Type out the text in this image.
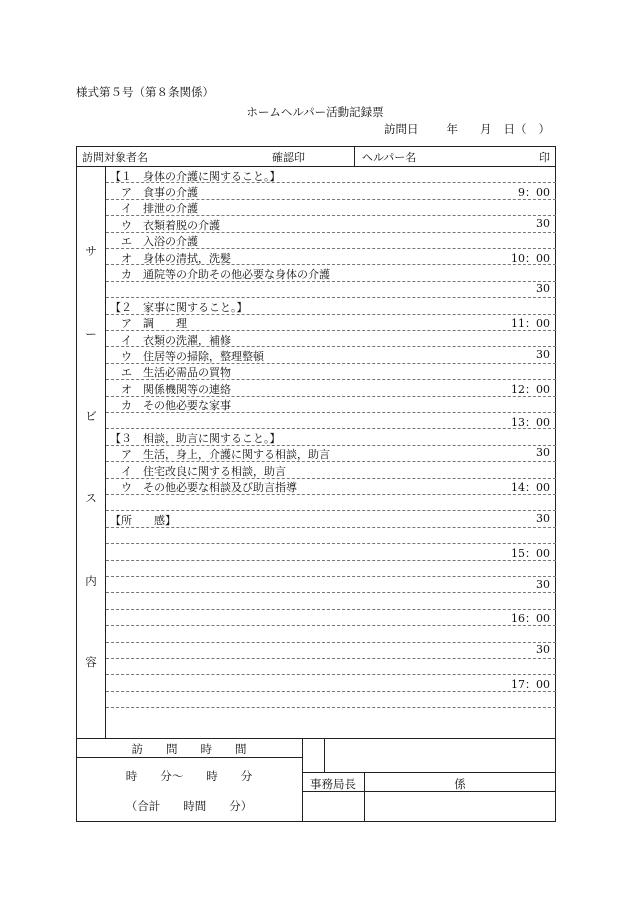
様式第５号（第８条関係）
ホームヘルパー活動記録票
訪問日 年 月 日（ ）
訪問対象者名	確認印	ヘルパー名	印
サ
ー
ビ
ス
内
容
【１　身体の介護に関すること。】
　ア　食事の介護	9：00
　イ　排泄の介護
　ウ　衣類着脱の介護	30
　エ　入浴の介護
　オ　身体の清拭，洗髪	10：00
　カ　通院等の介助その他必要な身体の介護
30
【２　家事に関すること。】
　ア　調　　理	11：00
　イ　衣類の洗濯，補修
　ウ　住居等の掃除，整理整頓	30
　エ　生活必需品の買物
　オ　関係機関等の連絡	12：00
　カ　その他必要な家事
13：00
【３　相談，助言に関すること。】
　ア　生活，身上，介護に関する相談，助言	30
　イ　住宅改良に関する相談，助言
　ウ　その他必要な相談及び助言指導	14：00
【所　　感】	30
15：00
30
16：00
30
17：00
訪　　問　　時　　間
時　　分〜　　時　　分
（合計　　時間　　分）
事務局長	係
